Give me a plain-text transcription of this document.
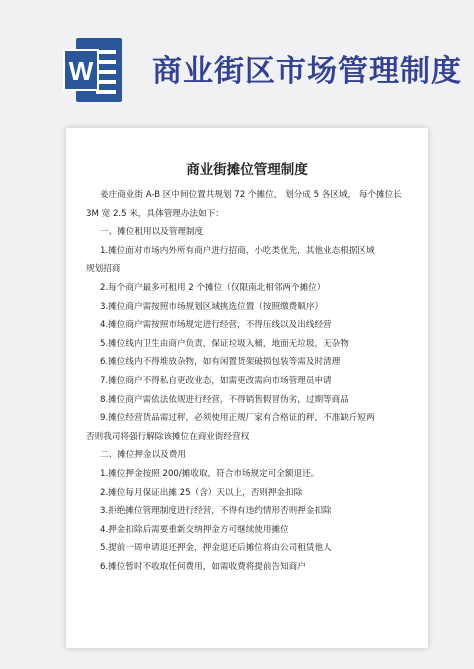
W 商业街区市场管理制度
商业街摊位管理制度

姜庄商业街 A-B 区中间位置共规划 72 个摊位， 划分成 5 各区域， 每个摊位长

3M 宽 2.5 米，具体管理办法如下：

一、摊位租用以及管理制度

1.摊位面对市场内外所有商户进行招商，小吃类优先，其他业态根据区域

规划招商

2.每个商户最多可租用 2 个摊位（仅限南北相邻两个摊位）

3.摊位商户需按照市场规划区域挑选位置（按照缴费顺序）

4.摊位商户需按照市场规定进行经营，不得压线以及出线经营

5.摊位线内卫生由商户负责，保证垃圾入桶，地面无垃圾，无杂物

6.摊位线内不得堆放杂物，如有闲置货架破损包装等需及时清理

7.摊位商户不得私自更改业态，如需更改需向市场管理员申请

8.摊位商户需依法依规进行经营，不得销售假冒伪劣，过期等商品

9.摊位经营货品需过秤，必须使用正规厂家有合格证的秤，不准缺斤短两

否则我司将强行解除该摊位在商业街经营权

二、摊位押金以及费用

1.摊位押金按照 200/摊收取，符合市场规定可全额退还。

2.摊位每月保证出摊 25（含）天以上，否则押金扣除

3.拒绝摊位管理制度进行经营，不得有违约情形否则押金扣除

4.押金扣除后需要重新交纳押金方可继续使用摊位

5.提前一周申请退还押金，押金退还后摊位将由公司租赁他人

6.摊位暂时不收取任何费用，如需收费将提前告知商户
